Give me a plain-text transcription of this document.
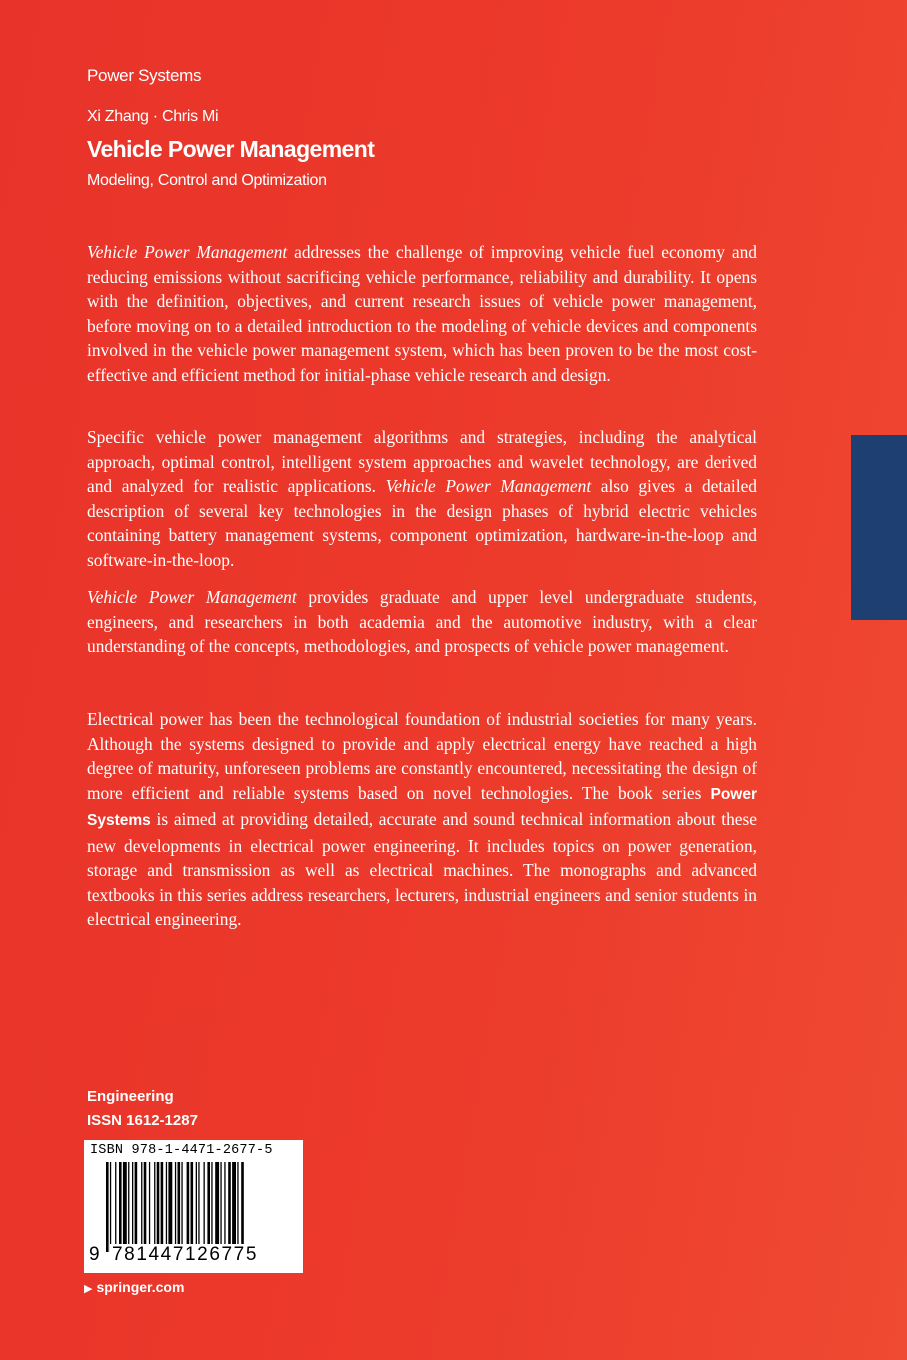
Power Systems
Xi Zhang · Chris Mi
Vehicle Power Management
Modeling, Control and Optimization

Vehicle Power Management addresses the challenge of improving vehicle fuel economy and reducing emissions without sacrificing vehicle performance, reliability and durability. It opens with the definition, objectives, and current research issues of vehicle power management, before moving on to a detailed introduction to the modeling of vehicle devices and components involved in the vehicle power management system, which has been proven to be the most cost-effective and efficient method for initial-phase vehicle research and design.

Specific vehicle power management algorithms and strategies, including the analytical approach, optimal control, intelligent system approaches and wavelet technology, are derived and analyzed for realistic applications. Vehicle Power Management also gives a detailed description of several key technologies in the design phases of hybrid electric vehicles containing battery management systems, component optimization, hardware-in-the-loop and software-in-the-loop.

Vehicle Power Management provides graduate and upper level undergraduate students, engineers, and researchers in both academia and the automotive industry, with a clear understanding of the concepts, methodologies, and prospects of vehicle power management.

Electrical power has been the technological foundation of industrial societies for many years. Although the systems designed to provide and apply electrical energy have reached a high degree of maturity, unforeseen problems are constantly encountered, necessitating the design of more efficient and reliable systems based on novel technologies. The book series Power Systems is aimed at providing detailed, accurate and sound technical information about these new developments in electrical power engineering. It includes topics on power generation, storage and transmission as well as electrical machines. The monographs and advanced textbooks in this series address researchers, lecturers, industrial engineers and senior students in electrical engineering.

Engineering
ISSN 1612-1287
ISBN 978-1-4471-2677-5
9 781447126775
▶ springer.com
